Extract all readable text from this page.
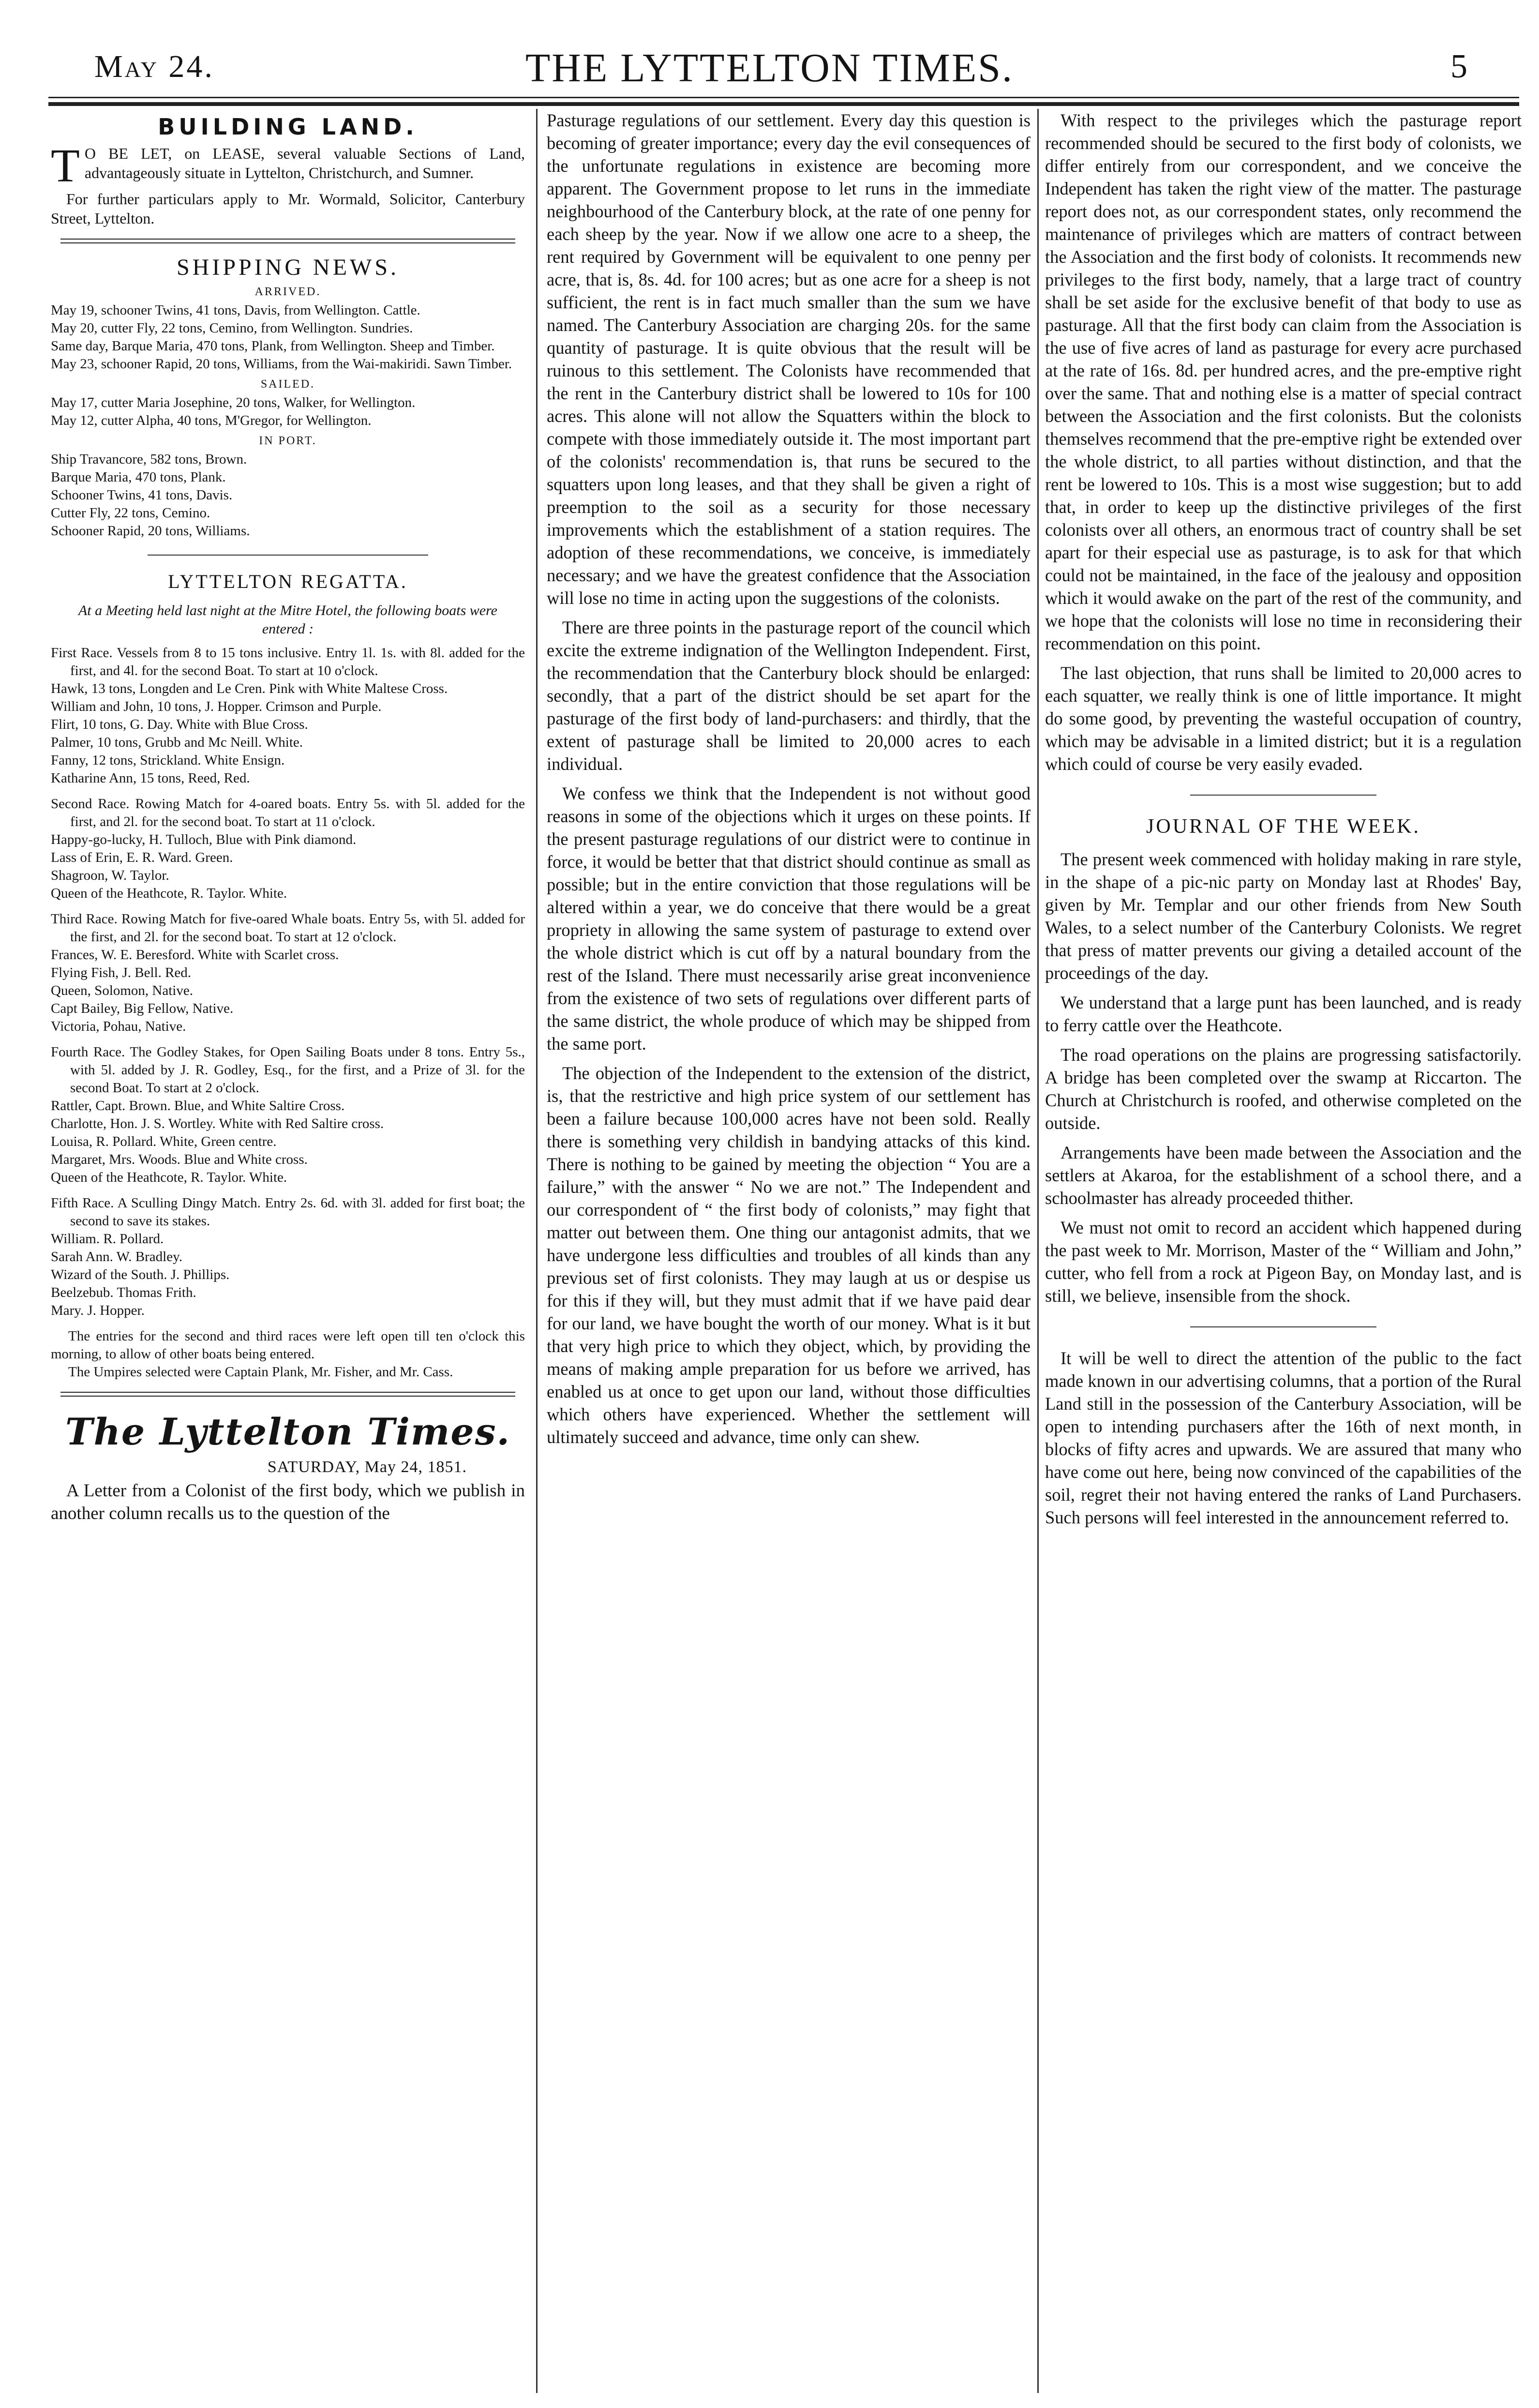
May 24.	THE LYTTELTON TIMES.	5
BUILDING LAND.

T O BE LET, on LEASE, several valuable Sections of Land, advantageously situate in Lyttelton, Christchurch, and Sumner.

For further particulars apply to Mr. Wormald, Solicitor, Canterbury Street, Lyttelton.

SHIPPING NEWS.
ARRIVED.

May 19, schooner Twins, 41 tons, Davis, from Wellington. Cattle.

May 20, cutter Fly, 22 tons, Cemino, from Wellington. Sundries.

Same day, Barque Maria, 470 tons, Plank, from Wellington. Sheep and Timber.

May 23, schooner Rapid, 20 tons, Williams, from the Wai-makiridi. Sawn Timber.

SAILED.

May 17, cutter Maria Josephine, 20 tons, Walker, for Wellington.

May 12, cutter Alpha, 40 tons, M'Gregor, for Wellington.

IN PORT.

Ship Travancore, 582 tons, Brown.

Barque Maria, 470 tons, Plank.

Schooner Twins, 41 tons, Davis.

Cutter Fly, 22 tons, Cemino.

Schooner Rapid, 20 tons, Williams.

LYTTELTON REGATTA.

At a Meeting held last night at the Mitre Hotel, the following boats were entered :

First Race. Vessels from 8 to 15 tons inclusive. Entry 1l. 1s. with 8l. added for the first, and 4l. for the second Boat. To start at 10 o'clock.

Hawk, 13 tons, Longden and Le Cren. Pink with White Maltese Cross.

William and John, 10 tons, J. Hopper. Crimson and Purple.

Flirt, 10 tons, G. Day. White with Blue Cross.

Palmer, 10 tons, Grubb and Mc Neill. White.

Fanny, 12 tons, Strickland. White Ensign.

Katharine Ann, 15 tons, Reed, Red.

Second Race. Rowing Match for 4-oared boats. Entry 5s. with 5l. added for the first, and 2l. for the second boat. To start at 11 o'clock.

Happy-go-lucky, H. Tulloch, Blue with Pink diamond.

Lass of Erin, E. R. Ward. Green.

Shagroon, W. Taylor.

Queen of the Heathcote, R. Taylor. White.

Third Race. Rowing Match for five-oared Whale boats. Entry 5s, with 5l. added for the first, and 2l. for the second boat. To start at 12 o'clock.

Frances, W. E. Beresford. White with Scarlet cross.

Flying Fish, J. Bell. Red.

Queen, Solomon, Native.

Capt Bailey, Big Fellow, Native.

Victoria, Pohau, Native.

Fourth Race. The Godley Stakes, for Open Sailing Boats under 8 tons. Entry 5s., with 5l. added by J. R. Godley, Esq., for the first, and a Prize of 3l. for the second Boat. To start at 2 o'clock.

Rattler, Capt. Brown. Blue, and White Saltire Cross.

Charlotte, Hon. J. S. Wortley. White with Red Saltire cross.

Louisa, R. Pollard. White, Green centre.

Margaret, Mrs. Woods. Blue and White cross.

Queen of the Heathcote, R. Taylor. White.

Fifth Race. A Sculling Dingy Match. Entry 2s. 6d. with 3l. added for first boat; the second to save its stakes.

William. R. Pollard.

Sarah Ann. W. Bradley.

Wizard of the South. J. Phillips.

Beelzebub. Thomas Frith.

Mary. J. Hopper.

The entries for the second and third races were left open till ten o'clock this morning, to allow of other boats being entered.

The Umpires selected were Captain Plank, Mr. Fisher, and Mr. Cass.

The Lyttelton Times.
SATURDAY, May 24, 1851.

A Letter from a Colonist of the first body, which we publish in another column recalls us to the question of the

Pasturage regulations of our settlement. Every day this question is becoming of greater importance; every day the evil consequences of the unfortunate regulations in existence are becoming more apparent. The Government propose to let runs in the immediate neighbourhood of the Canterbury block, at the rate of one penny for each sheep by the year. Now if we allow one acre to a sheep, the rent required by Government will be equivalent to one penny per acre, that is, 8s. 4d. for 100 acres; but as one acre for a sheep is not sufficient, the rent is in fact much smaller than the sum we have named. The Canterbury Association are charging 20s. for the same quantity of pasturage. It is quite obvious that the result will be ruinous to this settlement. The Colonists have recommended that the rent in the Canterbury district shall be lowered to 10s for 100 acres. This alone will not allow the Squatters within the block to compete with those immediately outside it. The most important part of the colonists' recommendation is, that runs be secured to the squatters upon long leases, and that they shall be given a right of preemption to the soil as a security for those necessary improvements which the establishment of a station requires. The adoption of these recommendations, we conceive, is immediately necessary; and we have the greatest confidence that the Association will lose no time in acting upon the suggestions of the colonists.

There are three points in the pasturage report of the council which excite the extreme indignation of the Wellington Independent. First, the recommendation that the Canterbury block should be enlarged: secondly, that a part of the district should be set apart for the pasturage of the first body of land-purchasers: and thirdly, that the extent of pasturage shall be limited to 20,000 acres to each individual.

We confess we think that the Independent is not without good reasons in some of the objections which it urges on these points. If the present pasturage regulations of our district were to continue in force, it would be better that that district should continue as small as possible; but in the entire conviction that those regulations will be altered within a year, we do conceive that there would be a great propriety in allowing the same system of pasturage to extend over the whole district which is cut off by a natural boundary from the rest of the Island. There must necessarily arise great inconvenience from the existence of two sets of regulations over different parts of the same district, the whole produce of which may be shipped from the same port.

The objection of the Independent to the extension of the district, is, that the restrictive and high price system of our settlement has been a failure because 100,000 acres have not been sold. Really there is something very childish in bandying attacks of this kind. There is nothing to be gained by meeting the objection “ You are a failure,” with the answer “ No we are not.” The Independent and our correspondent of “ the first body of colonists,” may fight that matter out between them. One thing our antagonist admits, that we have undergone less difficulties and troubles of all kinds than any previous set of first colonists. They may laugh at us or despise us for this if they will, but they must admit that if we have paid dear for our land, we have bought the worth of our money. What is it but that very high price to which they object, which, by providing the means of making ample preparation for us before we arrived, has enabled us at once to get upon our land, without those difficulties which others have experienced. Whether the settlement will ultimately succeed and advance, time only can shew.

With respect to the privileges which the pasturage report recommended should be secured to the first body of colonists, we differ entirely from our correspondent, and we conceive the Independent has taken the right view of the matter. The pasturage report does not, as our correspondent states, only recommend the maintenance of privileges which are matters of contract between the Association and the first body of colonists. It recommends new privileges to the first body, namely, that a large tract of country shall be set aside for the exclusive benefit of that body to use as pasturage. All that the first body can claim from the Association is the use of five acres of land as pasturage for every acre purchased at the rate of 16s. 8d. per hundred acres, and the pre-emptive right over the same. That and nothing else is a matter of special contract between the Association and the first colonists. But the colonists themselves recommend that the pre-emptive right be extended over the whole district, to all parties without distinction, and that the rent be lowered to 10s. This is a most wise suggestion; but to add that, in order to keep up the distinctive privileges of the first colonists over all others, an enormous tract of country shall be set apart for their especial use as pasturage, is to ask for that which could not be maintained, in the face of the jealousy and opposition which it would awake on the part of the rest of the community, and we hope that the colonists will lose no time in reconsidering their recommendation on this point.

The last objection, that runs shall be limited to 20,000 acres to each squatter, we really think is one of little importance. It might do some good, by preventing the wasteful occupation of country, which may be advisable in a limited district; but it is a regulation which could of course be very easily evaded.

JOURNAL OF THE WEEK.

The present week commenced with holiday making in rare style, in the shape of a pic-nic party on Monday last at Rhodes' Bay, given by Mr. Templar and our other friends from New South Wales, to a select number of the Canterbury Colonists. We regret that press of matter prevents our giving a detailed account of the proceedings of the day.

We understand that a large punt has been launched, and is ready to ferry cattle over the Heathcote.

The road operations on the plains are progressing satisfactorily. A bridge has been completed over the swamp at Riccarton. The Church at Christchurch is roofed, and otherwise completed on the outside.

Arrangements have been made between the Association and the settlers at Akaroa, for the establishment of a school there, and a schoolmaster has already proceeded thither.

We must not omit to record an accident which happened during the past week to Mr. Morrison, Master of the “ William and John,” cutter, who fell from a rock at Pigeon Bay, on Monday last, and is still, we believe, insensible from the shock.

It will be well to direct the attention of the public to the fact made known in our advertising columns, that a portion of the Rural Land still in the possession of the Canterbury Association, will be open to intending purchasers after the 16th of next month, in blocks of fifty acres and upwards. We are assured that many who have come out here, being now convinced of the capabilities of the soil, regret their not having entered the ranks of Land Purchasers. Such persons will feel interested in the announcement referred to.
